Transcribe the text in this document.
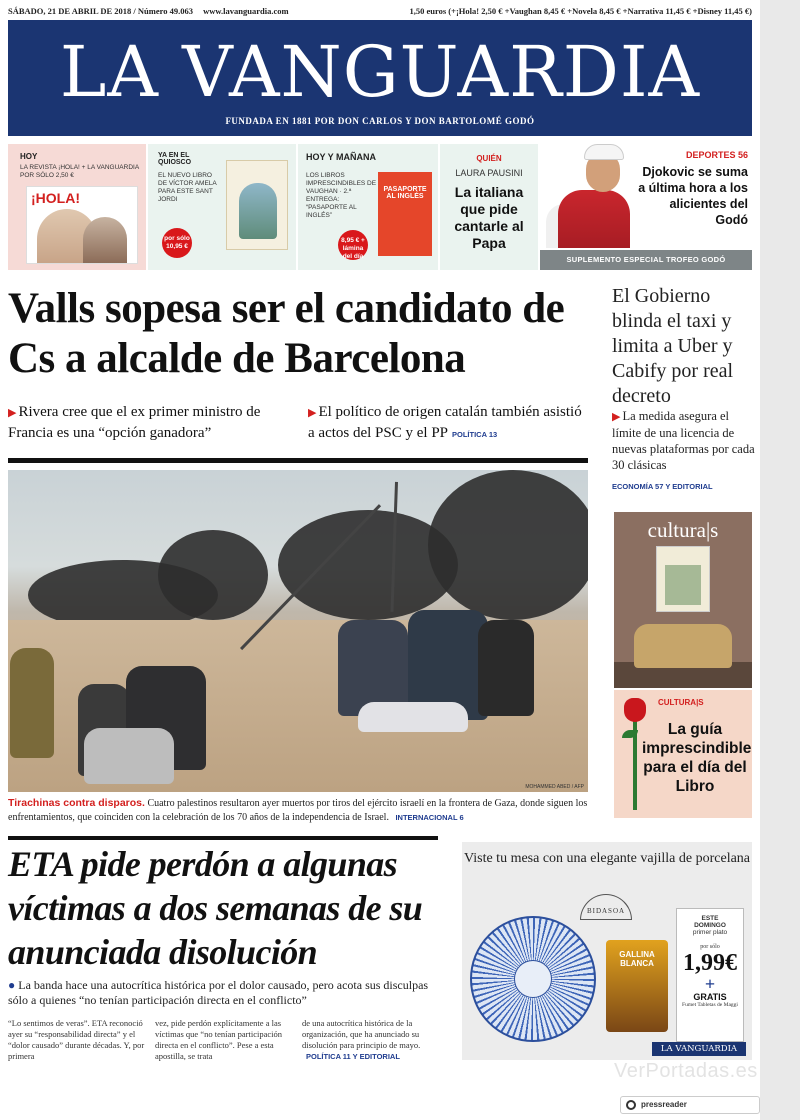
SÁBADO, 21 DE ABRIL DE 2018 / Número 49.063 www.lavanguardia.com	1,50 euros (+¡Hola! 2,50 € +Vaughan 8,45 € +Novela 8,45 € +Narrativa 11,45 € +Disney 11,45 €)
LA VANGUARDIA
FUNDADA EN 1881 POR DON CARLOS Y DON BARTOLOMÉ GODÓ
HOY
LA REVISTA ¡HOLA! + LA VANGUARDIA POR SÓLO 2,50 €
¡HOLA!
YA EN EL QUIOSCO
EL NUEVO LIBRO DE VÍCTOR AMELA PARA ESTE SANT JORDI
por sólo 10,95 €
HOY Y MAÑANA
LOS LIBROS IMPRESCINDIBLES DE VAUGHAN · 2.ª ENTREGA: “PASAPORTE AL INGLÉS”
PASAPORTE AL INGLÉS
8,95 € + lámina del día
QUIÉN
LAURA PAUSINI
La italiana que pide cantarle al Papa
DEPORTES 56
Djokovic se suma a última hora a los alicientes del Godó
SUPLEMENTO ESPECIAL TROFEO GODÓ
Valls sopesa ser el candidato de Cs a alcalde de Barcelona
▶ Rivera cree que el ex primer ministro de Francia es una “opción ganadora”
▶ El político de origen catalán también asistió a actos del PSC y el PP POLÍTICA 13
MOHAMMED ABED / AFP
Tirachinas contra disparos. Cuatro palestinos resultaron ayer muertos por tiros del ejército israelí en la frontera de Gaza, donde siguen los enfrentamientos, que coinciden con la celebración de los 70 años de la independencia de Israel. INTERNACIONAL 6
El Gobierno blinda el taxi y limita a Uber y Cabify por real decreto
▶ La medida asegura el límite de una licencia de nuevas plataformas por cada 30 clásicas
ECONOMÍA 57 Y EDITORIAL
cultura|s
CULTURA|S
La guía imprescindible para el día del Libro
ETA pide perdón a algunas víctimas a dos semanas de su anunciada disolución
● La banda hace una autocrítica histórica por el dolor causado, pero acota sus disculpas sólo a quienes “no tenían participación directa en el conflicto”
“Lo sentimos de veras”. ETA reconoció ayer su “responsabilidad directa” y el “dolor causado” durante décadas. Y, por primera
vez, pide perdón explícitamente a las víctimas que “no tenían participación directa en el conflicto”. Pese a esta apostilla, se trata
de una autocrítica histórica de la organización, que ha anunciado su disolución para principio de mayo. POLÍTICA 11 Y EDITORIAL
Viste tu mesa con una elegante vajilla de porcelana
BIDASOA
GALLINA BLANCA
ESTE
DOMINGO
primer plato
por sólo
1,99€
+
GRATIS
Fumet Tabletas de Maggi
LA VANGUARDIA
VerPortadas.es
pressreader
